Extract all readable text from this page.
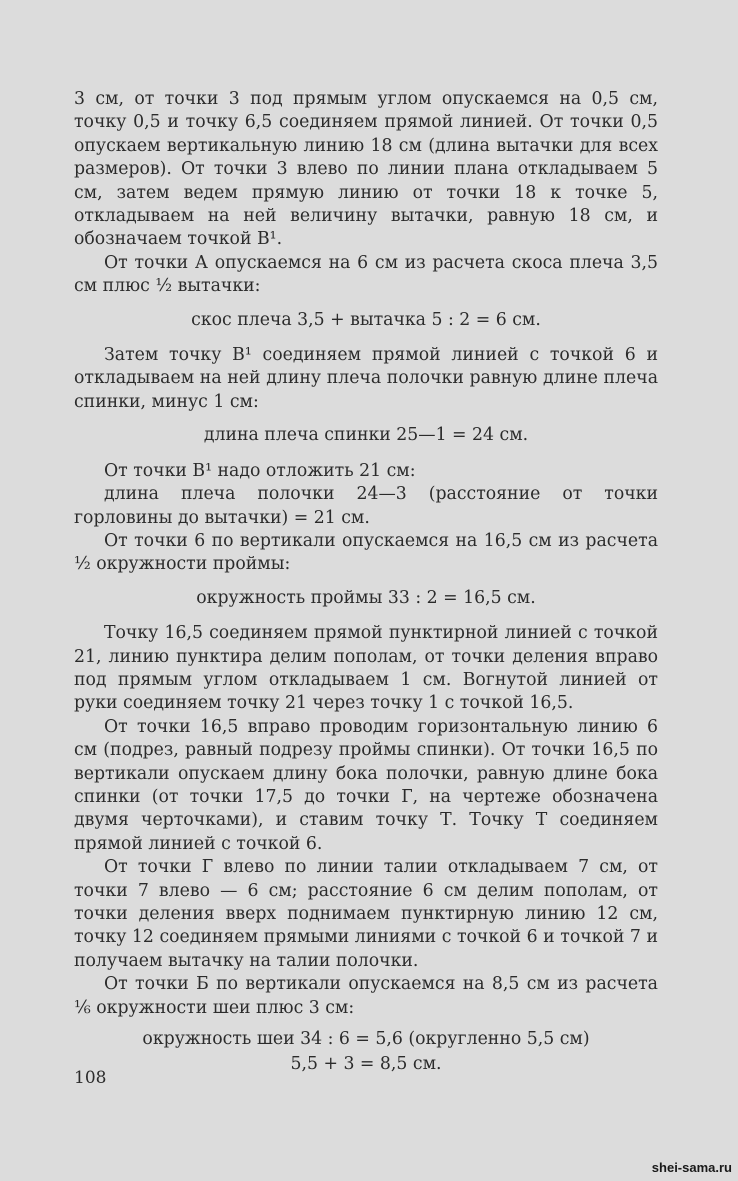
3 см, от точки 3 под прямым углом опускаемся на 0,5 см, точку 0,5 и точку 6,5 соединяем прямой линией. От точки 0,5 опускаем вертикальную линию 18 см (длина вытачки для всех размеров). От точки 3 влево по линии плана откладываем 5 см, затем ведем прямую линию от точки 18 к точке 5, откладываем на ней величину вытачки, равную 18 см, и обозначаем точкой В¹.

От точки А опускаемся на 6 см из расчета скоса плеча 3,5 см плюс ½ вытачки:

скос плеча 3,5 + вытачка 5 : 2 = 6 см.

Затем точку В¹ соединяем прямой линией с точкой 6 и откладываем на ней длину плеча полочки равную длине плеча спинки, минус 1 см:

длина плеча спинки 25—1 = 24 см.

От точки В¹ надо отложить 21 см:

длина плеча полочки 24—3 (расстояние от точки горловины до вытачки) = 21 см.

От точки 6 по вертикали опускаемся на 16,5 см из расчета ½ окружности проймы:

окружность проймы 33 : 2 = 16,5 см.

Точку 16,5 соединяем прямой пунктирной линией с точкой 21, линию пунктира делим пополам, от точки деления вправо под прямым углом откладываем 1 см. Вогнутой линией от руки соединяем точку 21 через точку 1 с точкой 16,5.

От точки 16,5 вправо проводим горизонтальную линию 6 см (подрез, равный подрезу проймы спинки). От точки 16,5 по вертикали опускаем длину бока полочки, равную длине бока спинки (от точки 17,5 до точки Г, на чертеже обозначена двумя черточками), и ставим точку Т. Точку Т соединяем прямой линией с точкой 6.

От точки Г влево по линии талии откладываем 7 см, от точки 7 влево — 6 см; расстояние 6 см делим пополам, от точки деления вверх поднимаем пунктирную линию 12 см, точку 12 соединяем прямыми линиями с точкой 6 и точкой 7 и получаем вытачку на талии полочки.

От точки Б по вертикали опускаемся на 8,5 см из расчета ⅙ окружности шеи плюс 3 см:

окружность шеи 34 : 6 = 5,6 (округленно 5,5 см)

5,5 + 3 = 8,5 см.

108
shei-sama.ru
